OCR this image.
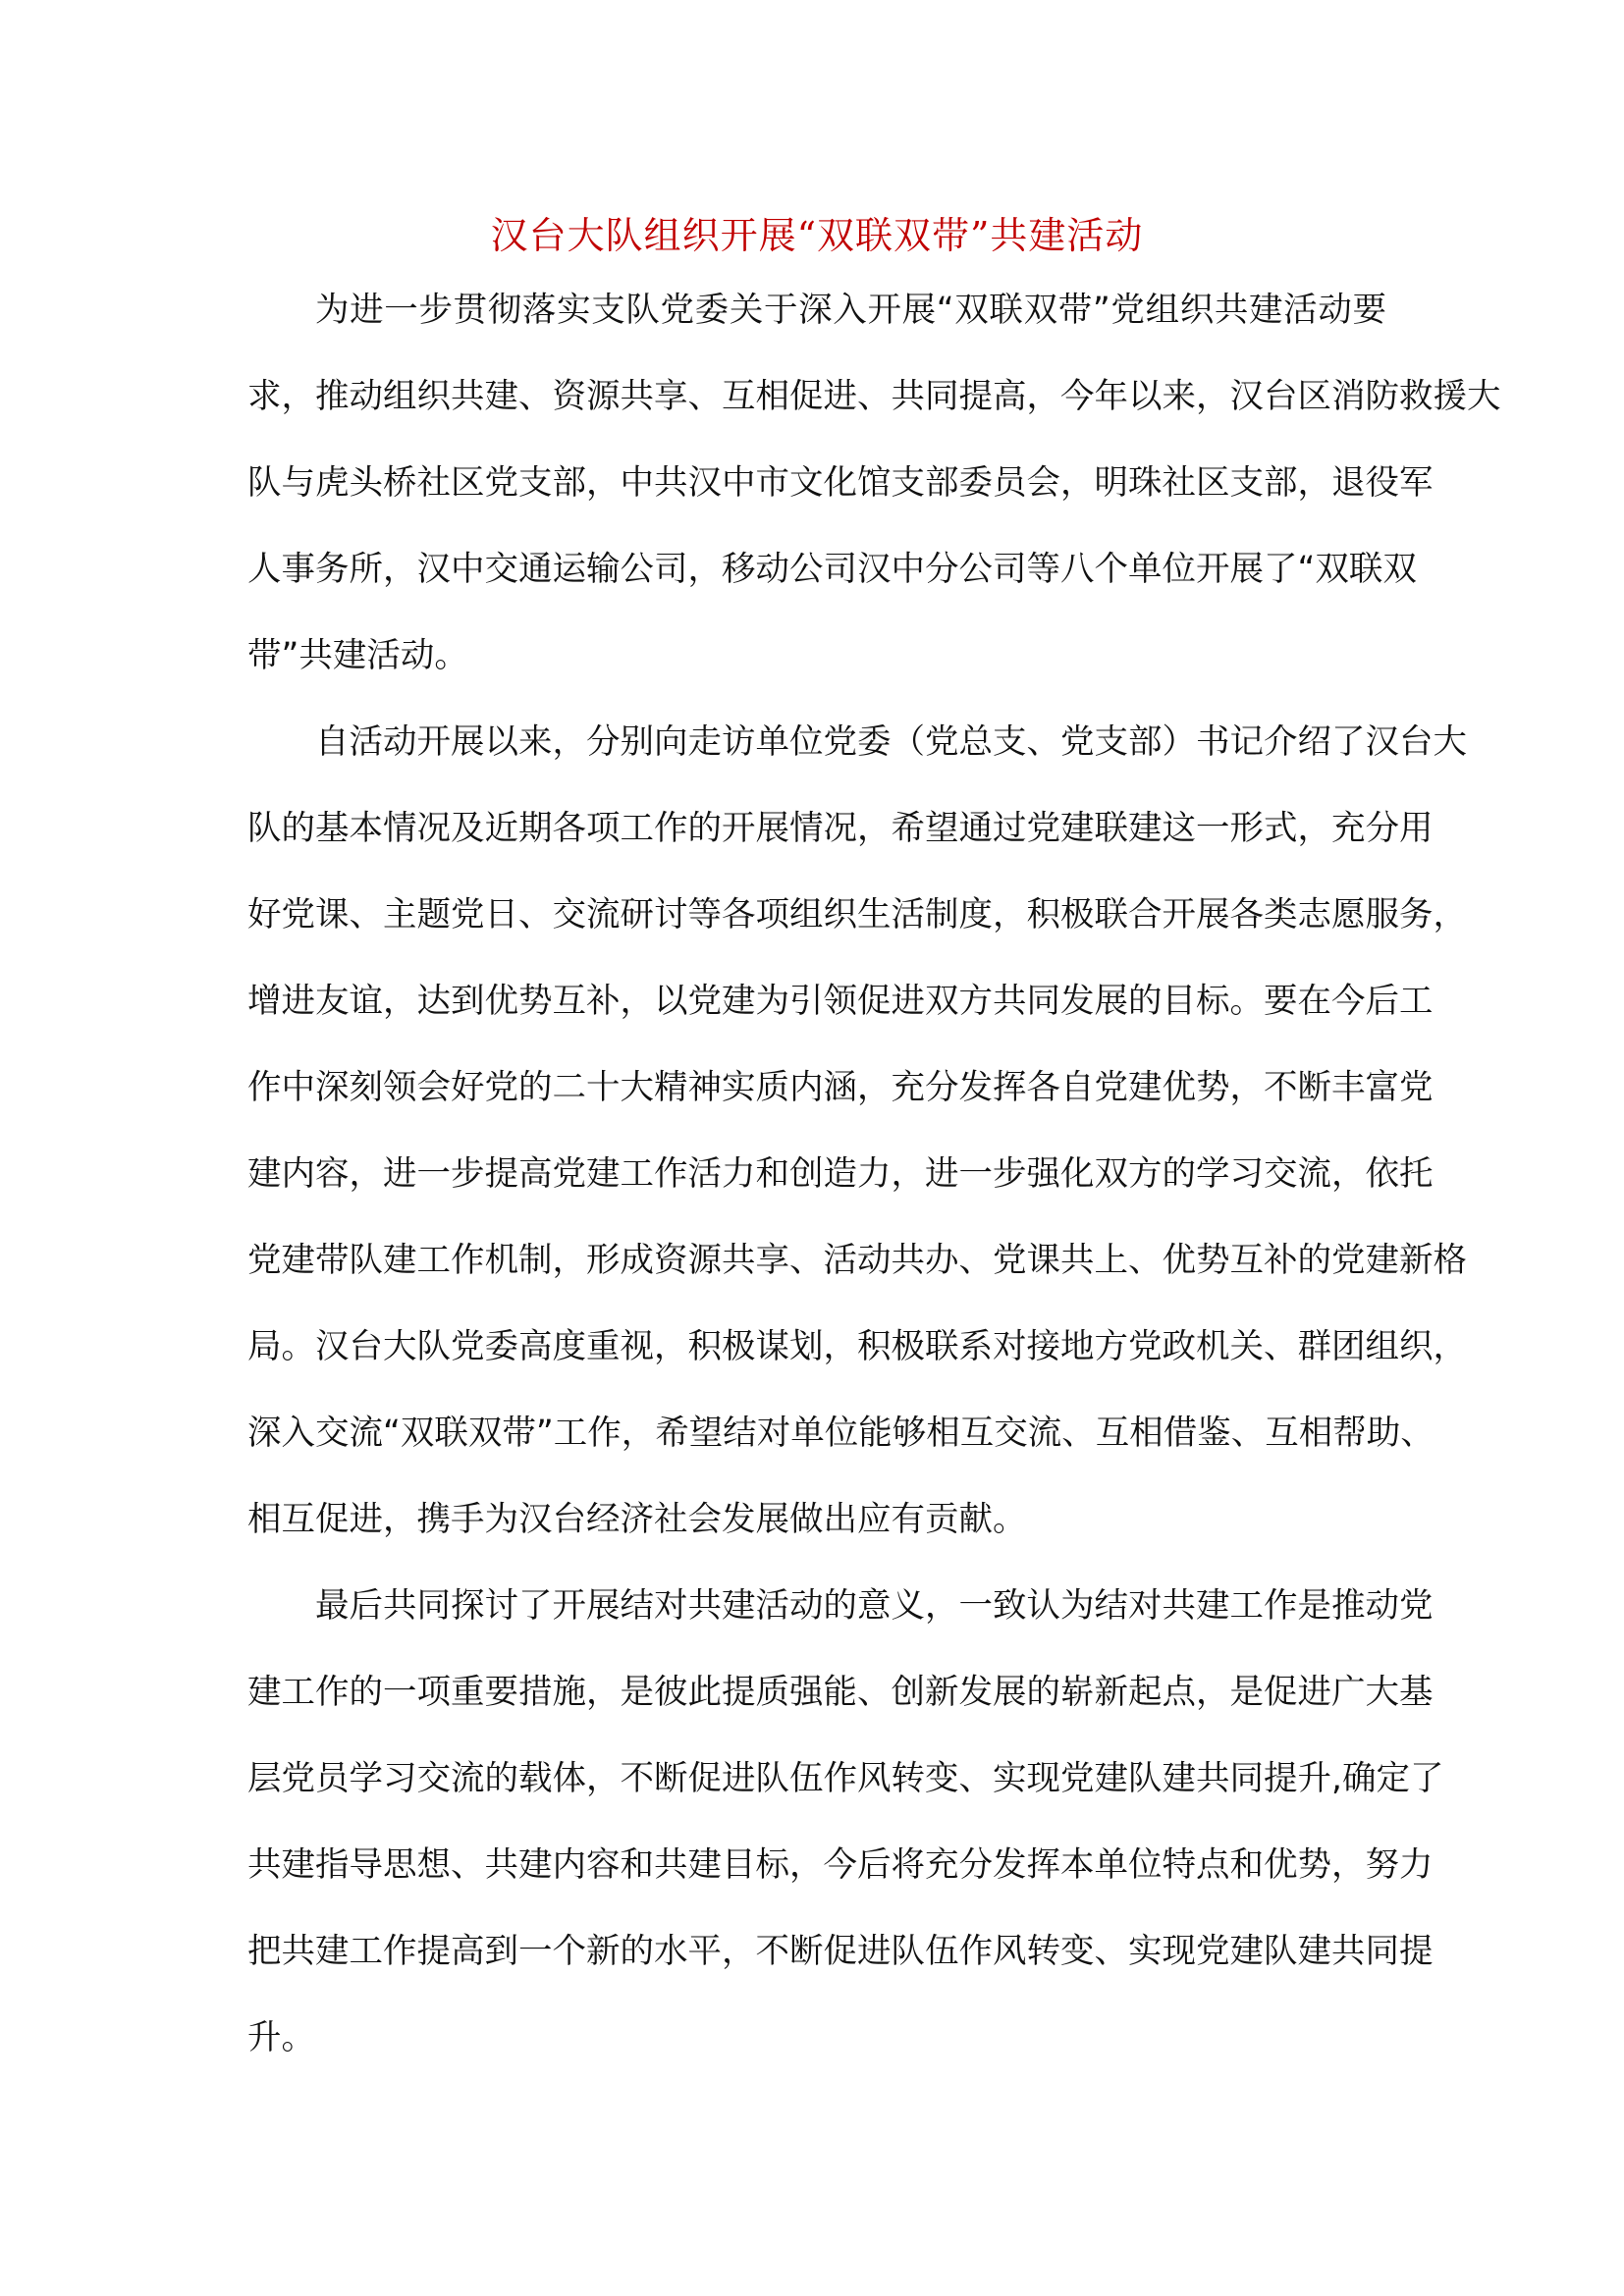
汉台大队组织开展“双联双带”共建活动
为进一步贯彻落实支队党委关于深入开展“双联双带”党组织共建活动要
求，推动组织共建、资源共享、互相促进、共同提高，今年以来，汉台区消防救援大
队与虎头桥社区党支部，中共汉中市文化馆支部委员会，明珠社区支部，退役军
人事务所，汉中交通运输公司，移动公司汉中分公司等八个单位开展了“双联双
带”共建活动。
自活动开展以来，分别向走访单位党委（党总支、党支部）书记介绍了汉台大
队的基本情况及近期各项工作的开展情况，希望通过党建联建这一形式，充分用
好党课、主题党日、交流研讨等各项组织生活制度，积极联合开展各类志愿服务，
增进友谊，达到优势互补，以党建为引领促进双方共同发展的目标。要在今后工
作中深刻领会好党的二十大精神实质内涵，充分发挥各自党建优势，不断丰富党
建内容，进一步提高党建工作活力和创造力，进一步强化双方的学习交流，依托
党建带队建工作机制，形成资源共享、活动共办、党课共上、优势互补的党建新格
局。汉台大队党委高度重视，积极谋划，积极联系对接地方党政机关、群团组织，
深入交流“双联双带”工作，希望结对单位能够相互交流、互相借鉴、互相帮助、
相互促进，携手为汉台经济社会发展做出应有贡献。
最后共同探讨了开展结对共建活动的意义，一致认为结对共建工作是推动党
建工作的一项重要措施，是彼此提质强能、创新发展的崭新起点，是促进广大基
层党员学习交流的载体，不断促进队伍作风转变、实现党建队建共同提升,确定了
共建指导思想、共建内容和共建目标，今后将充分发挥本单位特点和优势，努力
把共建工作提高到一个新的水平，不断促进队伍作风转变、实现党建队建共同提
升。
